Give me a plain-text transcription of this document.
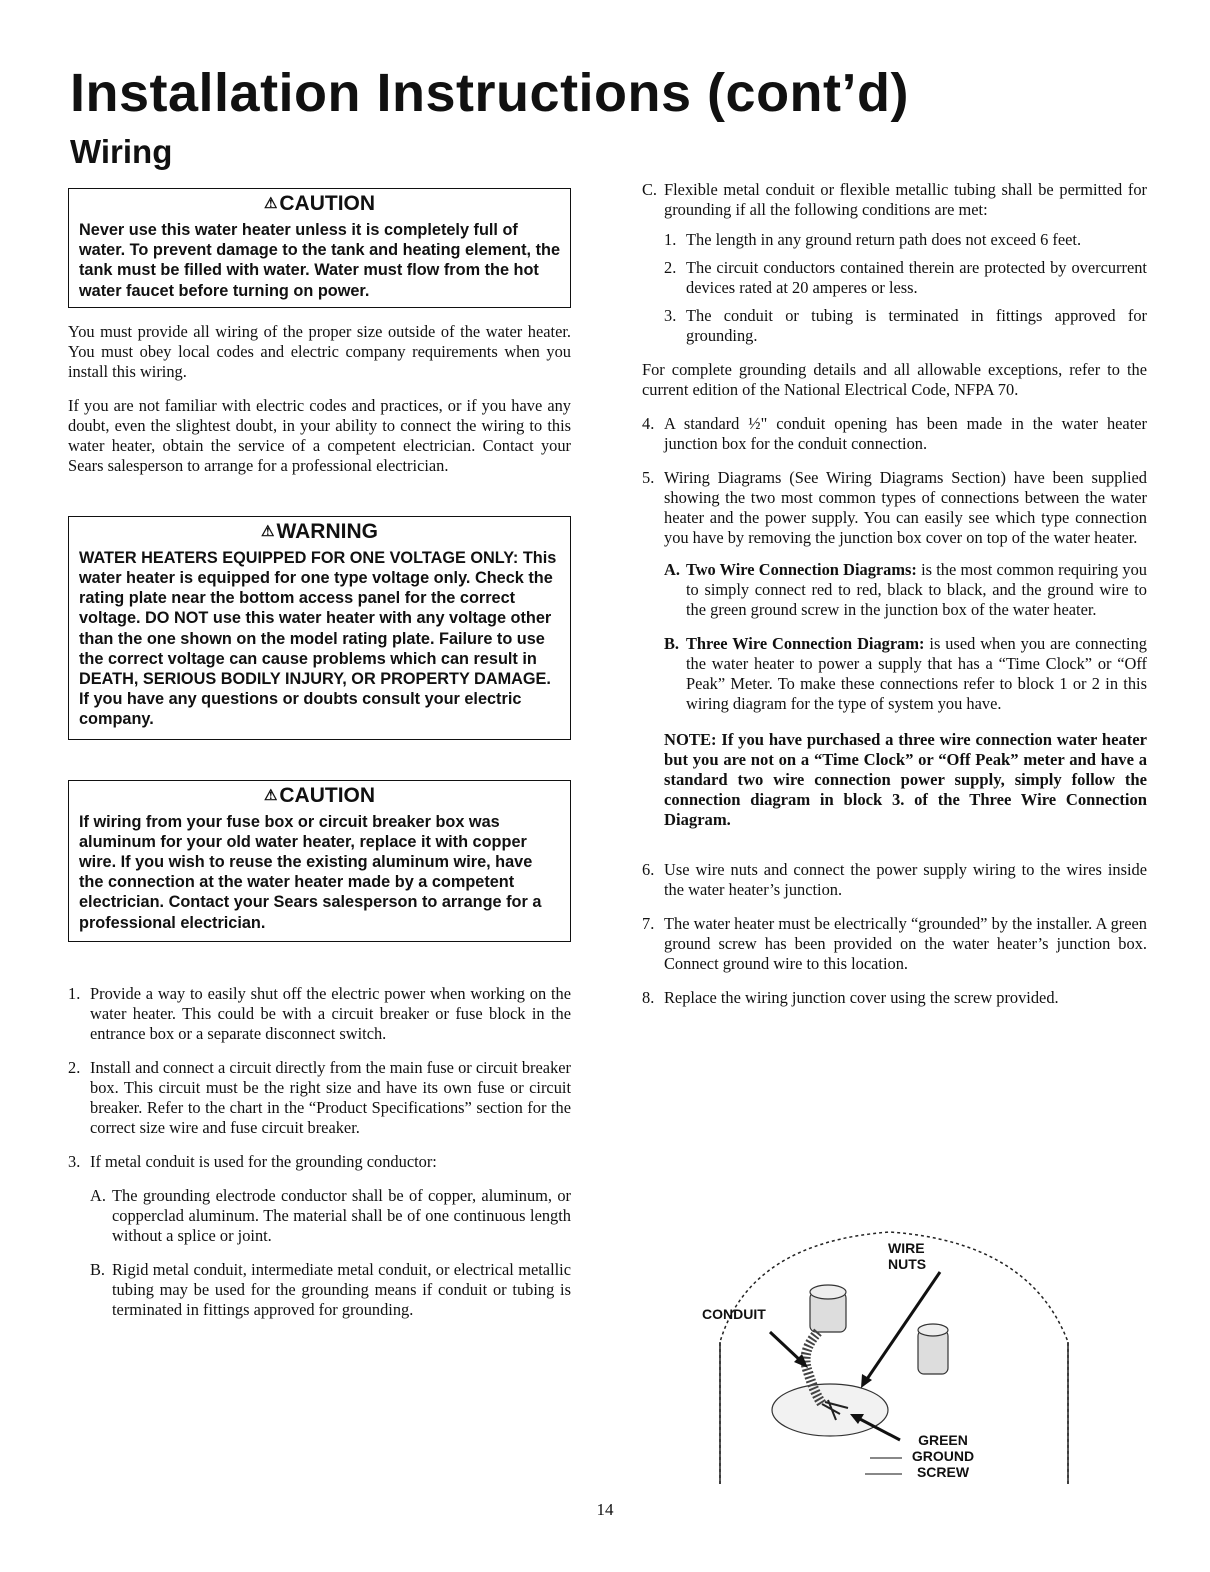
Installation Instructions (cont’d)
Wiring
⚠ CAUTION
Never use this water heater unless it is completely full of water. To prevent damage to the tank and heating element, the tank must be filled with water. Water must flow from the hot water faucet before turning on power.

You must provide all wiring of the proper size outside of the water heater. You must obey local codes and electric company requirements when you install this wiring.

If you are not familiar with electric codes and practices, or if you have any doubt, even the slightest doubt, in your ability to connect the wiring to this water heater, obtain the service of a competent electrician. Contact your Sears salesperson to arrange for a professional electrician.

⚠ WARNING
WATER HEATERS EQUIPPED FOR ONE VOLTAGE ONLY: This water heater is equipped for one type voltage only. Check the rating plate near the bottom access panel for the correct voltage. DO NOT use this water heater with any voltage other than the one shown on the model rating plate. Failure to use the correct voltage can cause problems which can result in DEATH, SERIOUS BODILY INJURY, OR PROPERTY DAMAGE. If you have any questions or doubts consult your electric company.
⚠ CAUTION
If wiring from your fuse box or circuit breaker box was aluminum for your old water heater, replace it with copper wire. If you wish to reuse the existing aluminum wire, have the connection at the water heater made by a competent electrician. Contact your Sears salesperson to arrange for a professional electrician.
1. Provide a way to easily shut off the electric power when working on the water heater. This could be with a circuit breaker or fuse block in the entrance box or a separate disconnect switch.
2. Install and connect a circuit directly from the main fuse or circuit breaker box. This circuit must be the right size and have its own fuse or circuit breaker. Refer to the chart in the “Product Specifications” section for the correct size wire and fuse circuit breaker.
3. If metal conduit is used for the grounding conductor:
A. The grounding electrode conductor shall be of copper, aluminum, or copperclad aluminum. The material shall be of one continuous length without a splice or joint.
B. Rigid metal conduit, intermediate metal conduit, or electrical metallic tubing may be used for the grounding means if conduit or tubing is terminated in fittings approved for grounding.
C. Flexible metal conduit or flexible metallic tubing shall be permitted for grounding if all the following conditions are met:
1. The length in any ground return path does not exceed 6 feet.
2. The circuit conductors contained therein are protected by overcurrent devices rated at 20 amperes or less.
3. The conduit or tubing is terminated in fittings approved for grounding.

For complete grounding details and all allowable exceptions, refer to the current edition of the National Electrical Code, NFPA 70.

4. A standard ½" conduit opening has been made in the water heater junction box for the conduit connection.
5. Wiring Diagrams (See Wiring Diagrams Section) have been supplied showing the two most common types of connections between the water heater and the power supply. You can easily see which type connection you have by removing the junction box cover on top of the water heater.
A. Two Wire Connection Diagrams: is the most common requiring you to simply connect red to red, black to black, and the ground wire to the green ground screw in the junction box of the water heater.
B. Three Wire Connection Diagram: is used when you are connecting the water heater to power a supply that has a “Time Clock” or “Off Peak” Meter. To make these connections refer to block 1 or 2 in this wiring diagram for the type of system you have.

NOTE: If you have purchased a three wire connection water heater but you are not on a “Time Clock” or “Off Peak” meter and have a standard two wire connection power supply, simply follow the connection diagram in block 3. of the Three Wire Connection Diagram.

6. Use wire nuts and connect the power supply wiring to the wires inside the water heater’s junction.
7. The water heater must be electrically “grounded” by the installer. A green ground screw has been provided on the water heater’s junction box. Connect ground wire to this location.
8. Replace the wiring junction cover using the screw provided.
WIRE NUTS
CONDUIT
GREEN GROUND SCREW
14
